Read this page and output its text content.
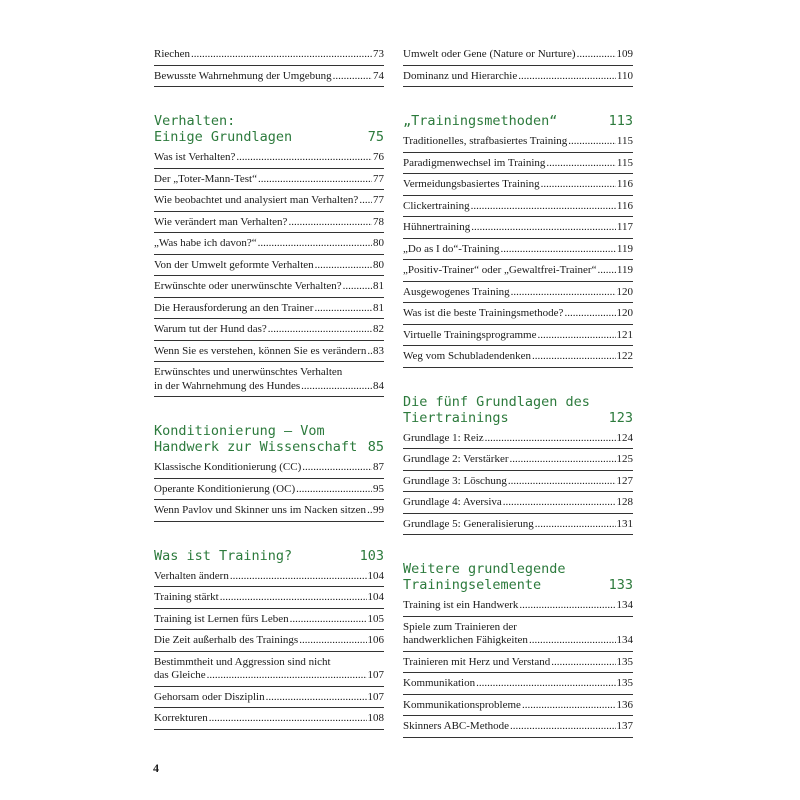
Riechen .....	73
Bewusste Wahrnehmung der Umgebung .....	74
Verhalten:
Einige Grundlagen	75
Was ist Verhalten? .....	76
Der „Toter-Mann-Test“ .....	77
Wie beobachtet und analysiert man Verhalten? ..... 77
Wie verändert man Verhalten? .....	78
„Was habe ich davon?“ .....	80
Von der Umwelt geformte Verhalten .....	80
Erwünschte oder unerwünschte Verhalten? .....	81
Die Herausforderung an den Trainer .....	81
Warum tut der Hund das? .....	82
Wenn Sie es verstehen, können Sie es verändern ..... 83
Erwünschtes und unerwünschtes Verhalten
in der Wahrnehmung des Hundes .....	84
Konditionierung – Vom
Handwerk zur Wissenschaft 85
Klassische Konditionierung (CC) .....	87
Operante Konditionierung (OC) .....	95
Wenn Pavlov und Skinner uns im Nacken sitzen ..... 99
Was ist Training?	103
Verhalten ändern .....	104
Training stärkt .....	104
Training ist Lernen fürs Leben .....	105
Die Zeit außerhalb des Trainings .....	106
Bestimmtheit und Aggression sind nicht
das Gleiche .....	107
Gehorsam oder Disziplin .....	107
Korrekturen .....	108
Umwelt oder Gene (Nature or Nurture) .....	109
Dominanz und Hierarchie .....	110
„Trainingsmethoden“	113
Traditionelles, strafbasiertes Training .....	115
Paradigmenwechsel im Training .....	115
Vermeidungsbasiertes Training .....	116
Clickertraining .....	116
Hühnertraining .....	117
„Do as I do“-Training .....	119
„Positiv-Trainer“ oder „Gewaltfrei-Trainer“ ..... 119
Ausgewogenes Training .....	120
Was ist die beste Trainingsmethode? .....	120
Virtuelle Trainingsprogramme .....	121
Weg vom Schubladendenken .....	122
Die fünf Grundlagen des
Tiertrainings	123
Grundlage 1: Reiz .....	124
Grundlage 2: Verstärker .....	125
Grundlage 3: Löschung .....	127
Grundlage 4: Aversiva .....	128
Grundlage 5: Generalisierung .....	131
Weitere grundlegende
Trainingselemente	133
Training ist ein Handwerk .....	134
Spiele zum Trainieren der
handwerklichen Fähigkeiten .....	134
Trainieren mit Herz und Verstand .....	135
Kommunikation .....	135
Kommunikationsprobleme .....	136
Skinners ABC-Methode .....	137
4
